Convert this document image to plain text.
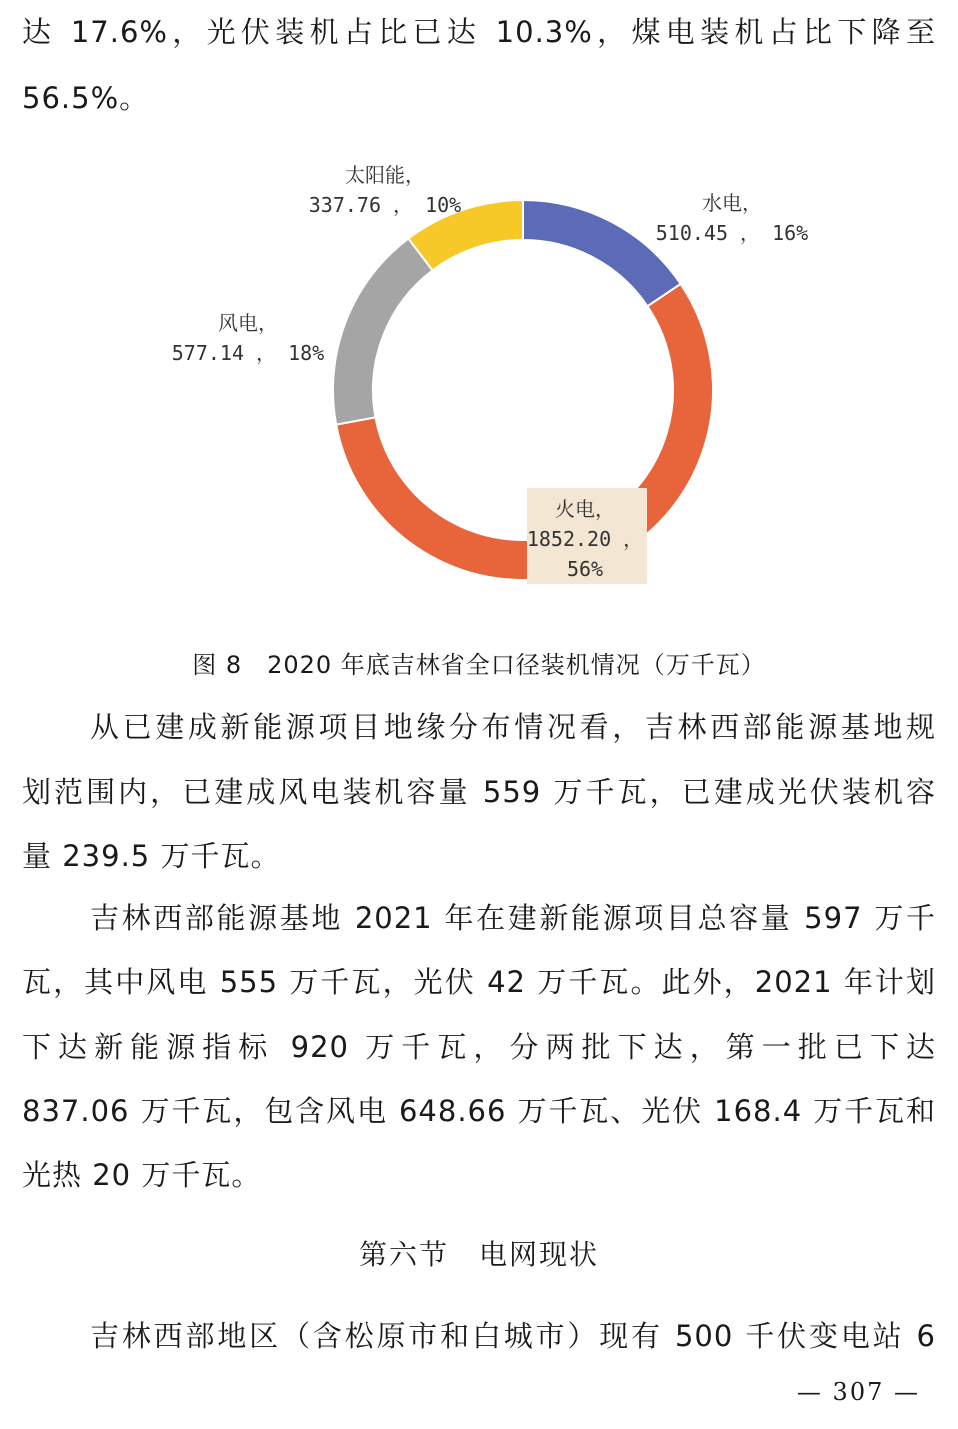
达 17.6%，光伏装机占比已达 10.3%，煤电装机占比下降至
56.5%。
水电，
510.45 ， 16%
火电，
1852.20 ，
56%
风电，
577.14 ， 18%
太阳能，
337.76 ， 10%
图 8　2020 年底吉林省全口径装机情况（万千瓦）
从已建成新能源项目地缘分布情况看，吉林西部能源基地规
划范围内，已建成风电装机容量 559 万千瓦，已建成光伏装机容
量 239.5 万千瓦。
吉林西部能源基地 2021 年在建新能源项目总容量 597 万千
瓦，其中风电 555 万千瓦，光伏 42 万千瓦。此外，2021 年计划
下达新能源指标 920 万千瓦，分两批下达，第一批已下达
837.06 万千瓦，包含风电 648.66 万千瓦、光伏 168.4 万千瓦和
光热 20 万千瓦。
第六节　电网现状
吉林西部地区（含松原市和白城市）现有 500 千伏变电站 6
— 307 —
